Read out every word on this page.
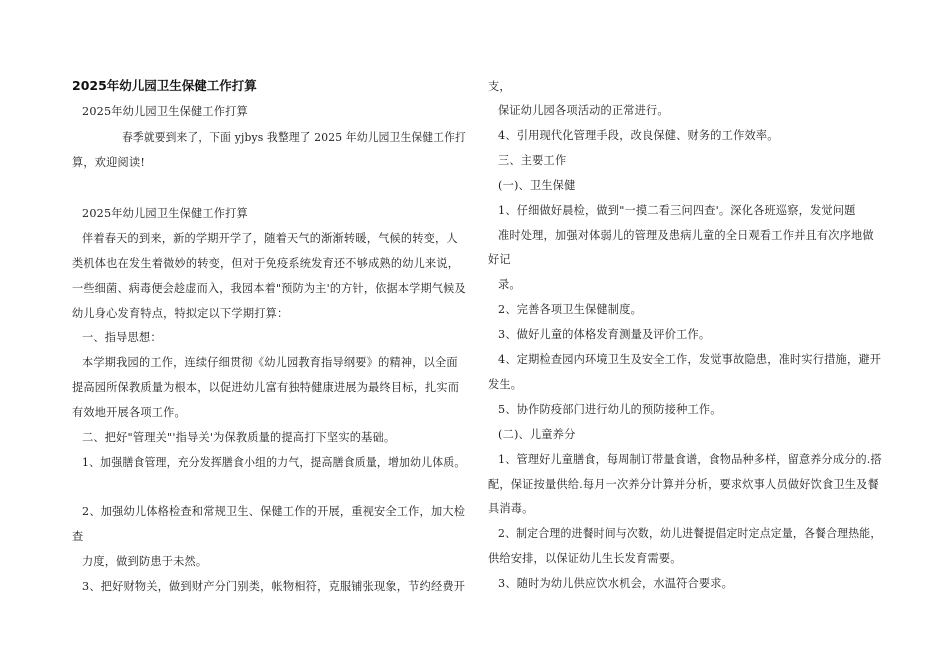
2025年幼儿园卫生保健工作打算
2025年幼儿园卫生保健工作打算
春季就要到来了，下面 yjbys 我整理了 2025 年幼儿园卫生保健工作打
算，欢迎阅读!
2025年幼儿园卫生保健工作打算
伴着春天的到来，新的学期开学了，随着天气的渐渐转暖，气候的转变，人
类机体也在发生着微妙的转变，但对于免疫系统发育还不够成熟的幼儿来说，
一些细菌、病毒便会趁虚而入，我园本着"预防为主'的方针，依据本学期气候及
幼儿身心发育特点，特拟定以下学期打算：
一、指导思想：
本学期我园的工作，连续仔细贯彻《幼儿园教育指导纲要》的精神，以全面
提高园所保教质量为根本，以促进幼儿富有独特健康进展为最终目标，扎实而
有效地开展各项工作。
二、把好"管理关"'指导关'为保教质量的提高打下坚实的基础。
1、加强膳食管理，充分发挥膳食小组的力气，提高膳食质量，增加幼儿体质。
2、加强幼儿体格检查和常规卫生、保健工作的开展，重视安全工作，加大检
查
力度，做到防患于未然。
3、把好财物关，做到财产分门别类，帐物相符，克服铺张现象，节约经费开
支，
保证幼儿园各项活动的正常进行。
4、引用现代化管理手段，改良保健、财务的工作效率。
三、主要工作
(一)、卫生保健
1、仔细做好晨检，做到"一摸二看三问四查'。深化各班巡察，发觉问题
准时处理，加强对体弱儿的管理及患病儿童的全日观看工作并且有次序地做
好记
录。
2、完善各项卫生保健制度。
3、做好儿童的体格发育测量及评价工作。
4、定期检查园内环境卫生及安全工作，发觉事故隐患，准时实行措施，避开
发生。
5、协作防疫部门进行幼儿的预防接种工作。
(二)、儿童养分
1、管理好儿童膳食，每周制订带量食谱，食物品种多样，留意养分成分的.搭
配，保证按量供给.每月一次养分计算并分析，要求炊事人员做好饮食卫生及餐
具消毒。
2、制定合理的进餐时间与次数，幼儿进餐提倡定时定点定量，各餐合理热能，
供给安排，以保证幼儿生长发育需要。
3、随时为幼儿供应饮水机会，水温符合要求。
